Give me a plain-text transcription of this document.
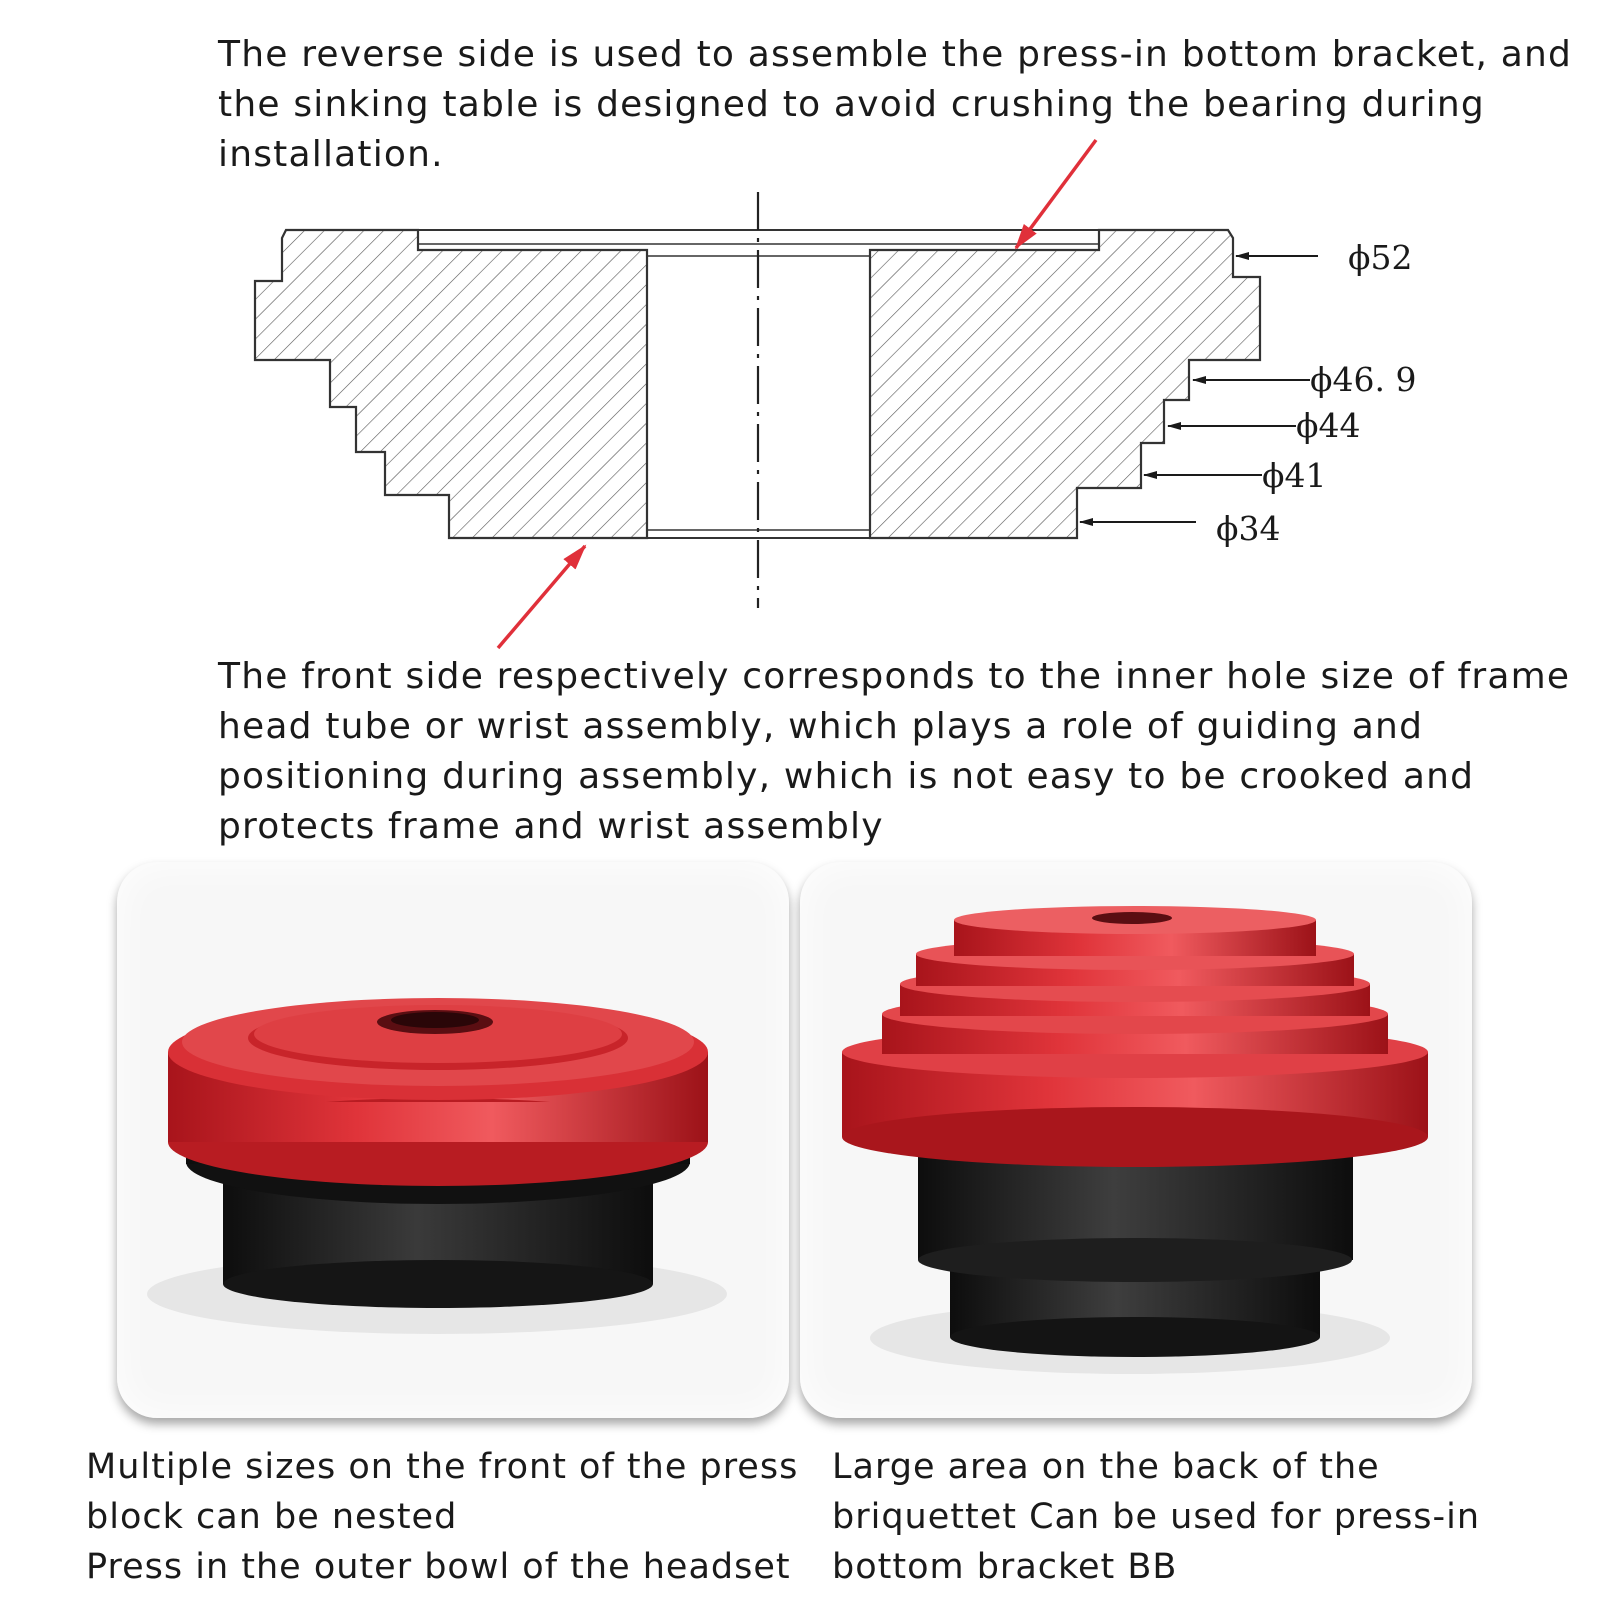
The reverse side is used to assemble the press-in bottom bracket, and
the sinking table is designed to avoid crushing the bearing during
installation.
ϕ52
ϕ46. 9
ϕ44
ϕ41
ϕ34
The front side respectively corresponds to the inner hole size of frame
head tube or wrist assembly, which plays a role of guiding and
positioning during assembly, which is not easy to be crooked and
protects frame and wrist assembly
Multiple sizes on the front of the press
block can be nested
Press in the outer bowl of the headset
Large area on the back of the
briquettet Can be used for press-in
bottom bracket BB
